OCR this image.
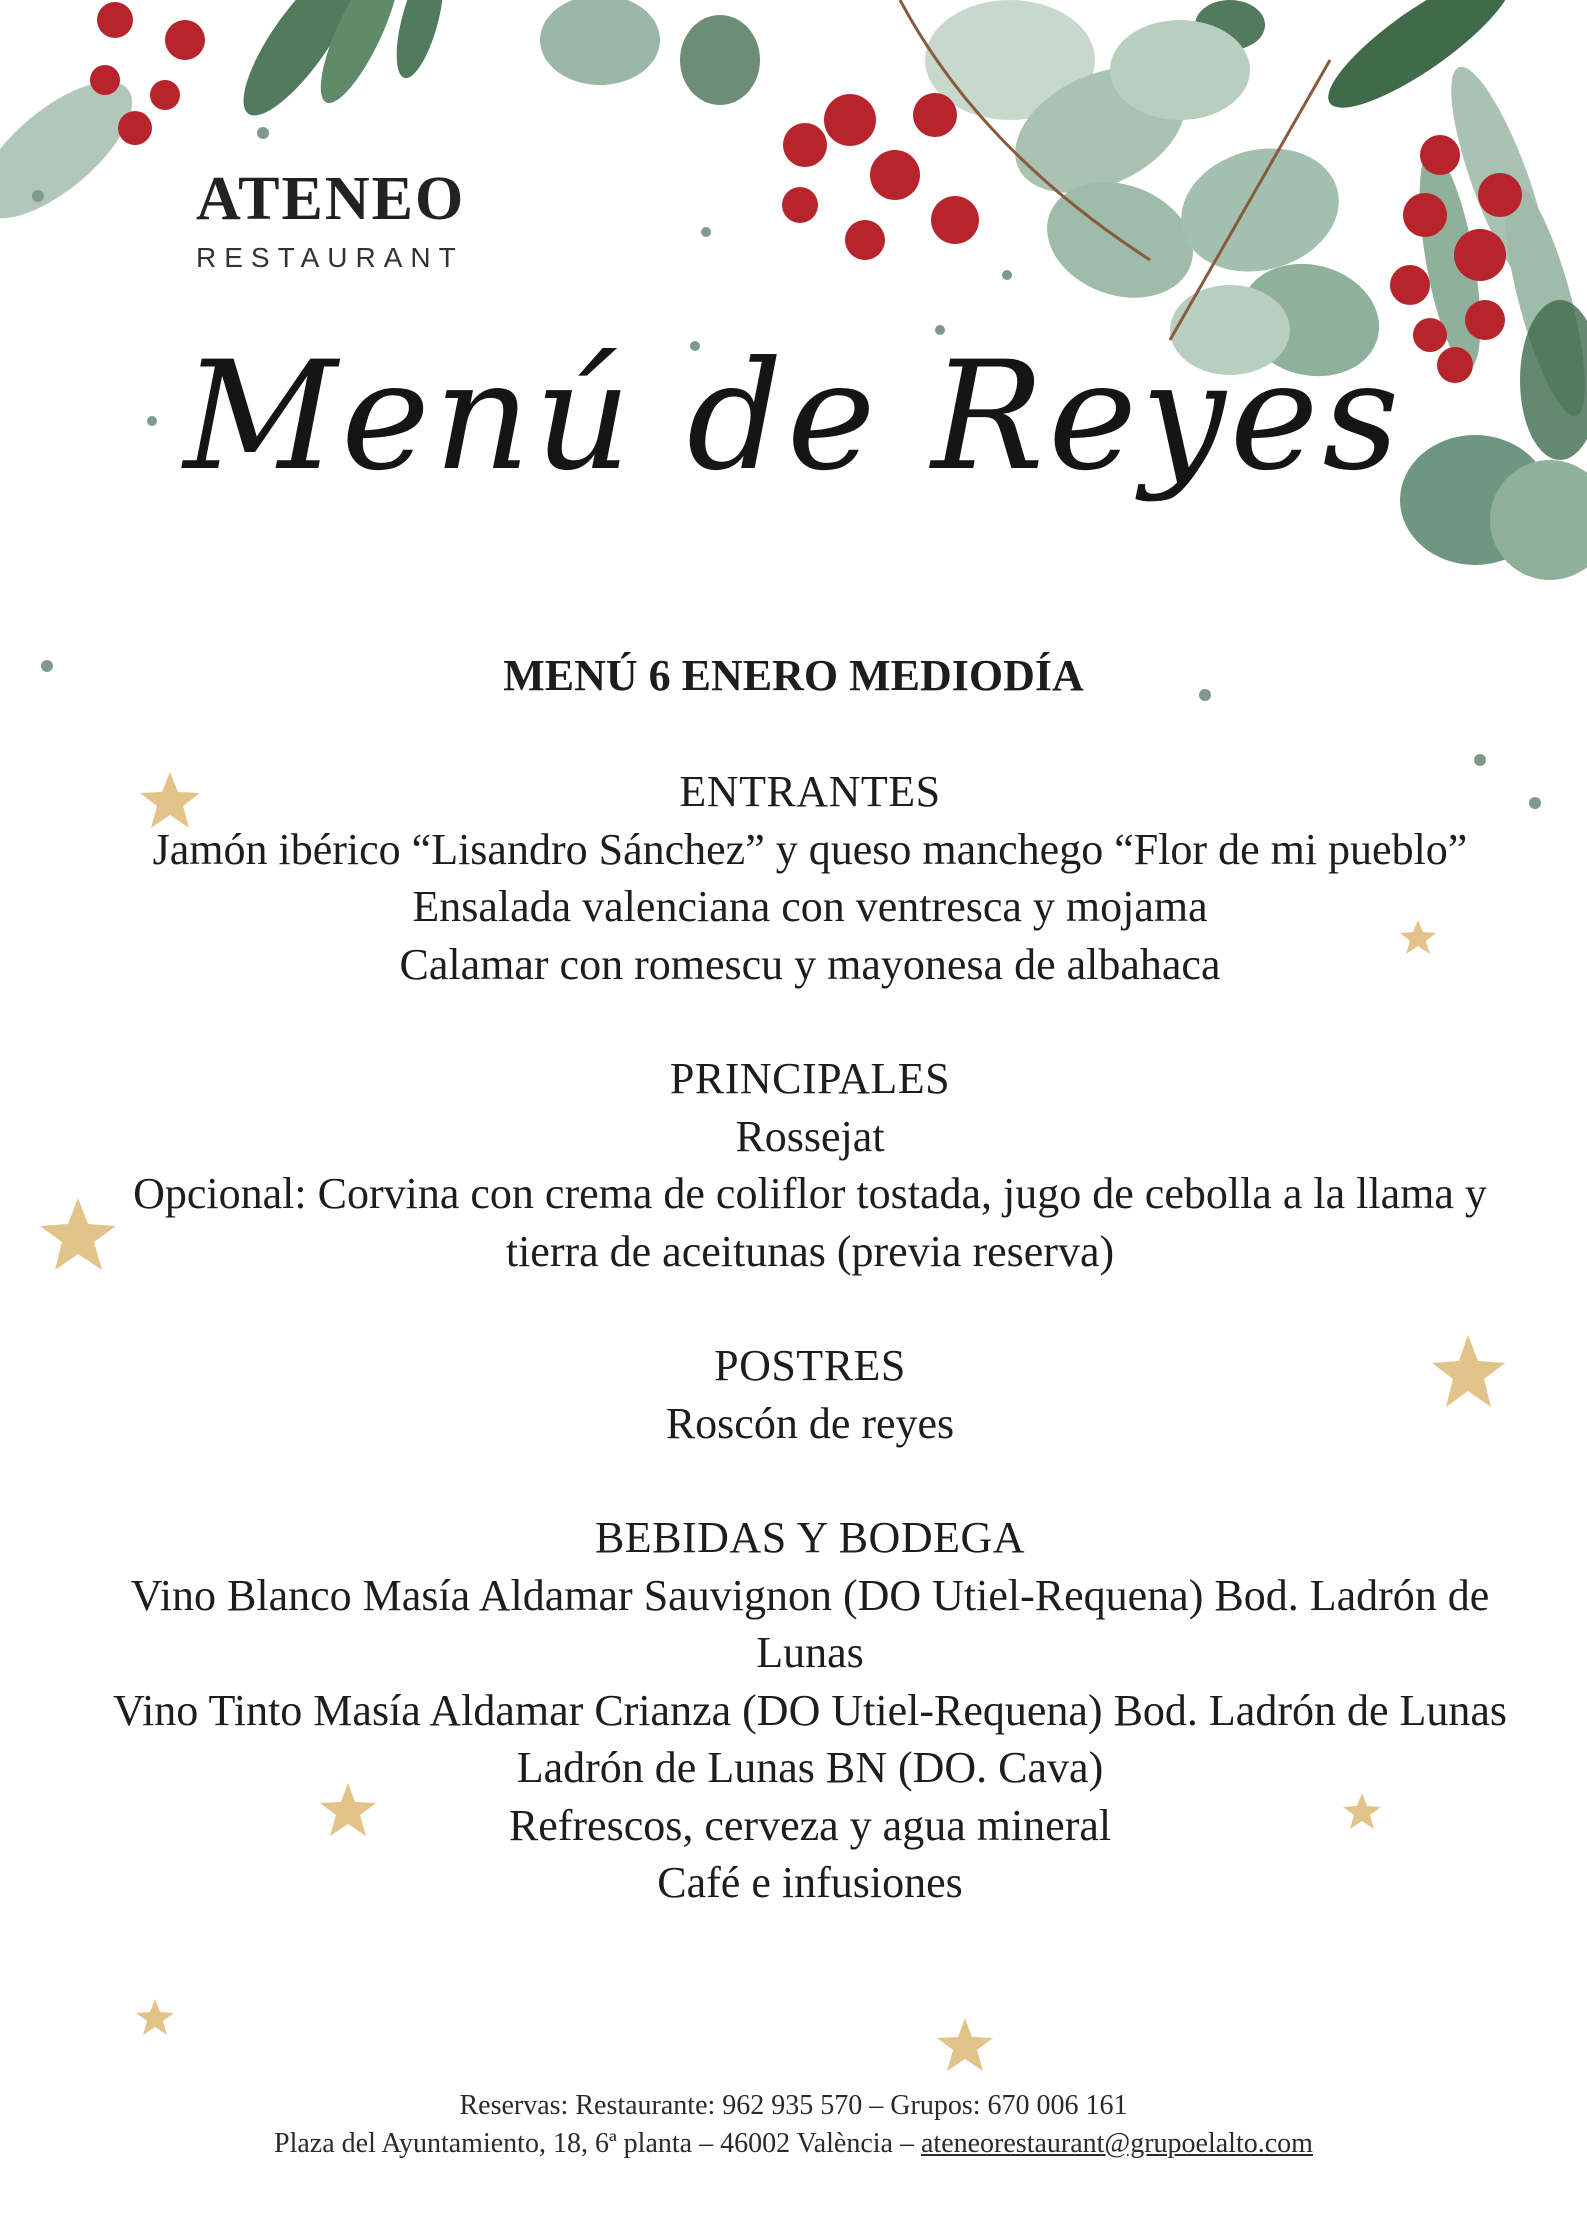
ATENEO
RESTAURANT
Menú de Reyes
MENÚ 6 ENERO MEDIODÍA
ENTRANTES
Jamón ibérico “Lisandro Sánchez” y queso manchego “Flor de mi pueblo”
Ensalada valenciana con ventresca y mojama
Calamar con romescu y mayonesa de albahaca
PRINCIPALES
Rossejat
Opcional: Corvina con crema de coliflor tostada, jugo de cebolla a la llama y tierra de aceitunas (previa reserva)
POSTRES
Roscón de reyes
BEBIDAS Y BODEGA
Vino Blanco Masía Aldamar Sauvignon (DO Utiel-Requena) Bod. Ladrón de Lunas
Vino Tinto Masía Aldamar Crianza (DO Utiel-Requena) Bod. Ladrón de Lunas
Ladrón de Lunas BN (DO. Cava)
Refrescos, cerveza y agua mineral
Café e infusiones
Reservas: Restaurante: 962 935 570 – Grupos: 670 006 161
Plaza del Ayuntamiento, 18, 6ª planta – 46002 València – ateneorestaurant@grupoelalto.com
